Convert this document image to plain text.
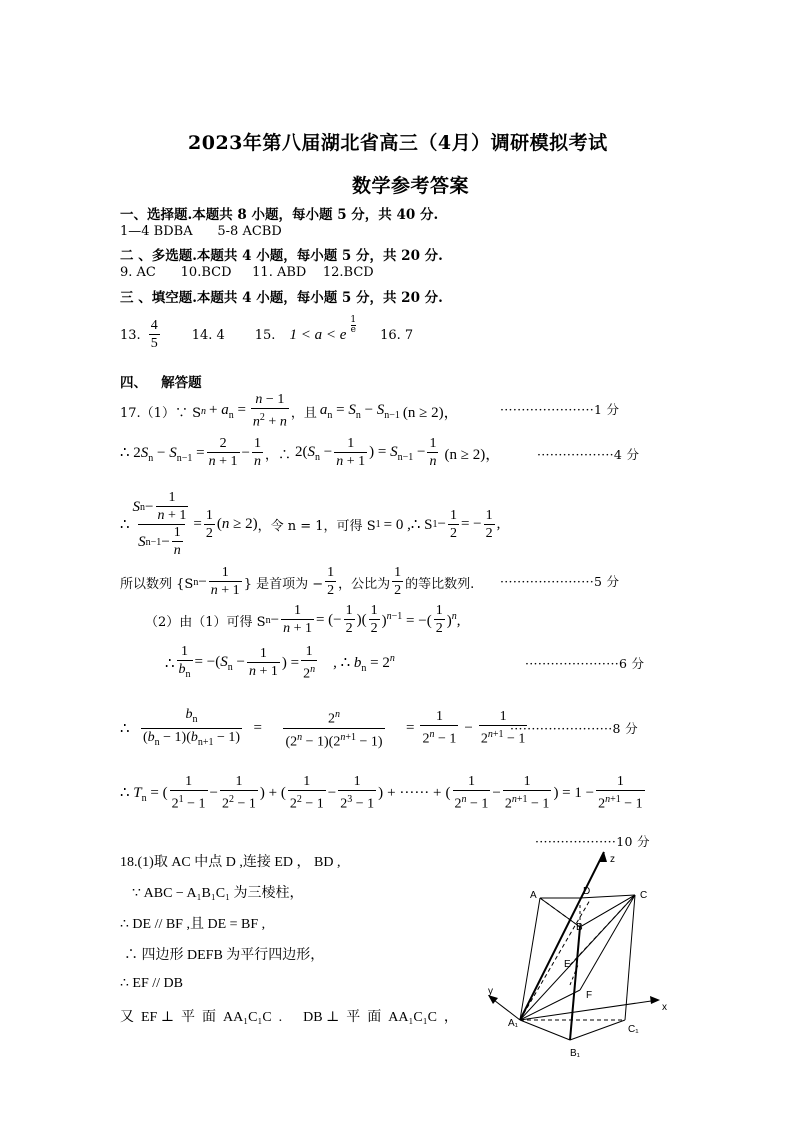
2023年第八届湖北省高三（4月）调研模拟考试
数学参考答案
一、选择题.本题共 8 小题，每小题 5 分，共 40 分.
1—4 BDBA      5-8 ACBD
二 、多选题.本题共 4 小题，每小题 5 分，共 20 分.
9. AC      10.BCD     11. ABD    12.BCD
三 、填空题.本题共 4 小题，每小题 5 分，共 20 分.
13. $\frac{4}{5} 14$. 4 15. 1 < a < e
1
e 16. 7
四、   解答题
17.（1）∵ S $n + a_n = \frac{n - 1}{n^2 + n}$ ，且 $a_n = S_n - S_{n-1}$ (n ≥ 2)，	······················1 分
∴ $2S_n - S_{n-1} = \frac{2}{n + 1} - \frac{1}{n}$ ，∴ $2(S_n - \frac{1}{n + 1}$ ) = $S_{n-1} - \frac{1}{n} (n \ge 2)$，	··················4 分
∴ $\frac{S n - \frac{1}{n + 1}}{S n-1 - \frac{1}{n}} = \frac{1}{2} (n \ge 2)$ ，令 n = 1，可得 S 1 = 0 ,∴ S $1 - \frac{1}{2}$ = − $\frac{1}{2}$ ,
所以数列 {S $n - \frac{1}{n + 1}$ } 是首项为 − $\frac{1}{2}$ ，公比为 $\frac{1}{2}$ 的等比数列. ······················5 分
（2）由（1）可得 S $n - \frac{1}{n + 1}$ = (− $\frac{1}{2}$ )( $\frac{1}{2} )^{n-1}$ = −( $\frac{1}{2} )^n$,
∴ $\frac{1}{b_n} = -(S_n - \frac{1}{n + 1}$ ) = $\frac{1}{2^n}$ , ∴ $b_n = 2^n$	······················6 分
∴ $\frac{b_n}{(b_n - 1)(b_{n+1} - 1)} = \frac{2^n}{(2^n - 1)(2^{n+1} - 1)} = \frac{1}{2^n - 1} - \frac{1}{2^{n+1} - 1}$
························8 分
∴ $T_n$ = ( $\frac{1}{2^1 - 1} - \frac{1}{2^2 - 1}$ ) + ( $\frac{1}{2^2 - 1} - \frac{1}{2^3 - 1}$ ) + ······ + ( $\frac{1}{2^n - 1} - \frac{1}{2^{n+1} - 1}$ ) = $1 - \frac{1}{2^{n+1} - 1}$
···················10 分
18.(1)取 AC 中点 D ,连接 ED ， BD ,
∵ ABC − A₁B₁C₁ 为三棱柱，
∴ DE // BF ,且 DE = BF ,
∴ 四边形 DEFB 为平行四边形，
∴ EF // DB
又  EF ⊥  平  面  AA₁C₁C  .      DB ⊥  平  面  AA₁C₁C  ，
z
A	D	C
B
E
F
y
x
A₁
C₁
B₁
